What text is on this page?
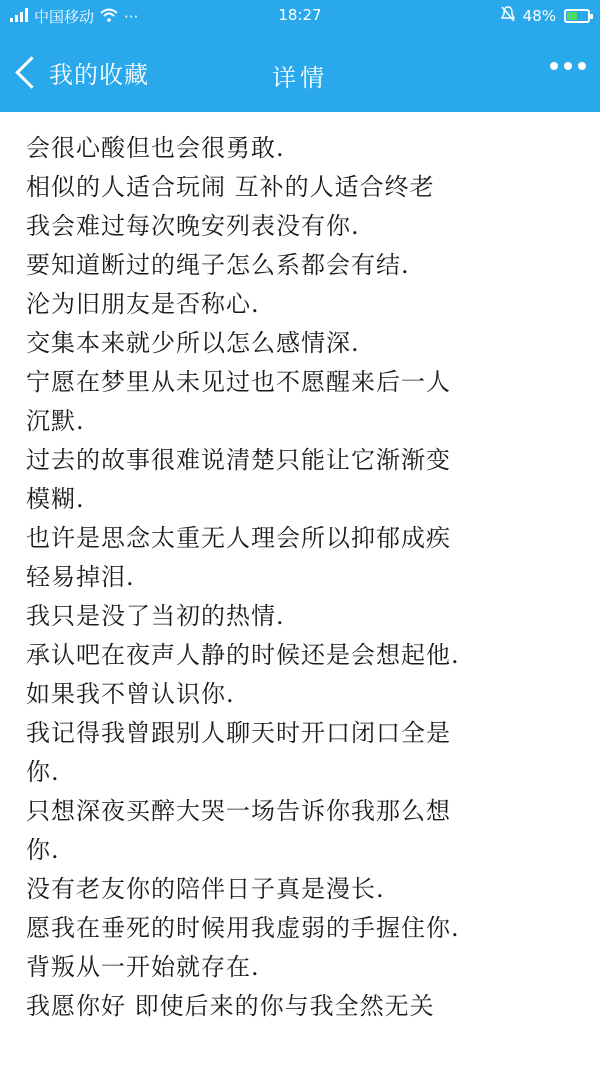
中国移动 ···	18:27	48%
我的收藏	详情
会很心酸但也会很勇敢.
相似的人适合玩闹 互补的人适合终老
我会难过每次晚安列表没有你.
要知道断过的绳子怎么系都会有结.
沦为旧朋友是否称心.
交集本来就少所以怎么感情深.
宁愿在梦里从未见过也不愿醒来后一人
沉默.
过去的故事很难说清楚只能让它渐渐变
模糊.
也许是思念太重无人理会所以抑郁成疾
轻易掉泪.
我只是没了当初的热情.
承认吧在夜声人静的时候还是会想起他.
如果我不曾认识你.
我记得我曾跟别人聊天时开口闭口全是
你.
只想深夜买醉大哭一场告诉你我那么想
你.
没有老友你的陪伴日子真是漫长.
愿我在垂死的时候用我虚弱的手握住你.
背叛从一开始就存在.
我愿你好 即使后来的你与我全然无关
